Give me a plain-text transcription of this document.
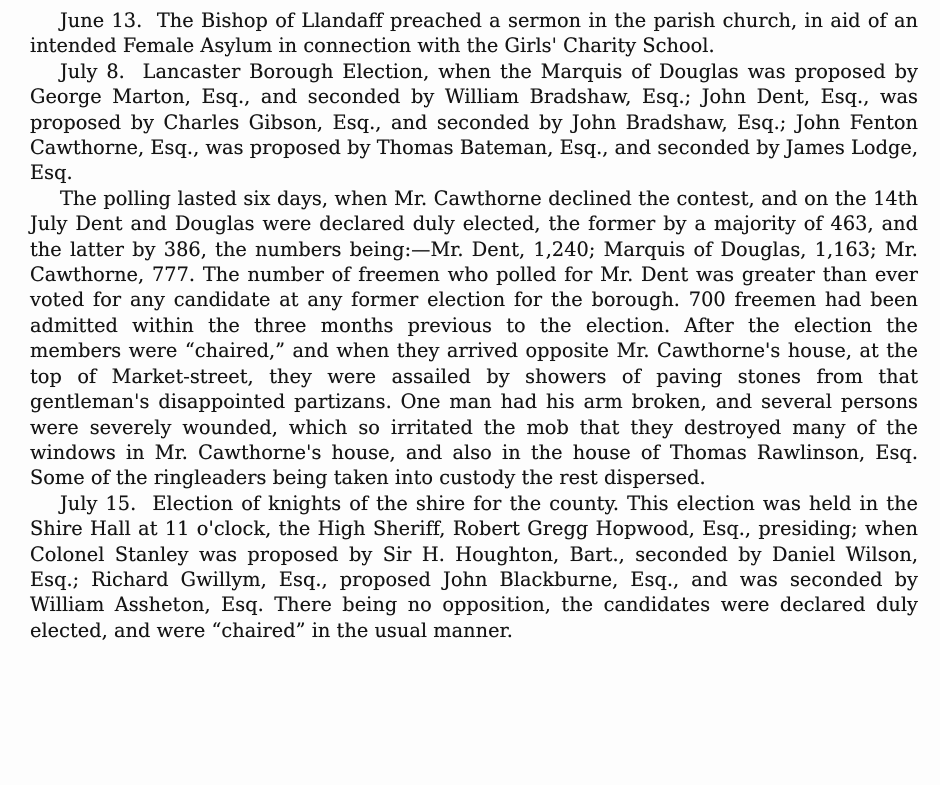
June 13. The Bishop of Llandaff preached a sermon in the parish church, in aid of an intended Female Asylum in connection with the Girls' Charity School.

July 8. Lancaster Borough Election, when the Marquis of Douglas was proposed by George Marton, Esq., and seconded by William Bradshaw, Esq.; John Dent, Esq., was proposed by Charles Gibson, Esq., and seconded by John Bradshaw, Esq.; John Fenton Cawthorne, Esq., was proposed by Thomas Bateman, Esq., and seconded by James Lodge, Esq.

The polling lasted six days, when Mr. Cawthorne declined the contest, and on the 14th July Dent and Douglas were declared duly elected, the former by a majority of 463, and the latter by 386, the numbers being:—Mr. Dent, 1,240; Marquis of Douglas, 1,163; Mr. Cawthorne, 777. The number of freemen who polled for Mr. Dent was greater than ever voted for any candidate at any former election for the borough. 700 freemen had been admitted within the three months previous to the election. After the election the members were “chaired,” and when they arrived opposite Mr. Cawthorne's house, at the top of Market-street, they were assailed by showers of paving stones from that gentleman's disappointed partizans. One man had his arm broken, and several persons were severely wounded, which so irritated the mob that they destroyed many of the windows in Mr. Cawthorne's house, and also in the house of Thomas Rawlinson, Esq. Some of the ringleaders being taken into custody the rest dispersed.

July 15. Election of knights of the shire for the county. This election was held in the Shire Hall at 11 o'clock, the High Sheriff, Robert Gregg Hopwood, Esq., presiding; when Colonel Stanley was proposed by Sir H. Houghton, Bart., seconded by Daniel Wilson, Esq.; Richard Gwillym, Esq., proposed John Blackburne, Esq., and was seconded by William Assheton, Esq. There being no opposition, the candidates were declared duly elected, and were “chaired” in the usual manner.
